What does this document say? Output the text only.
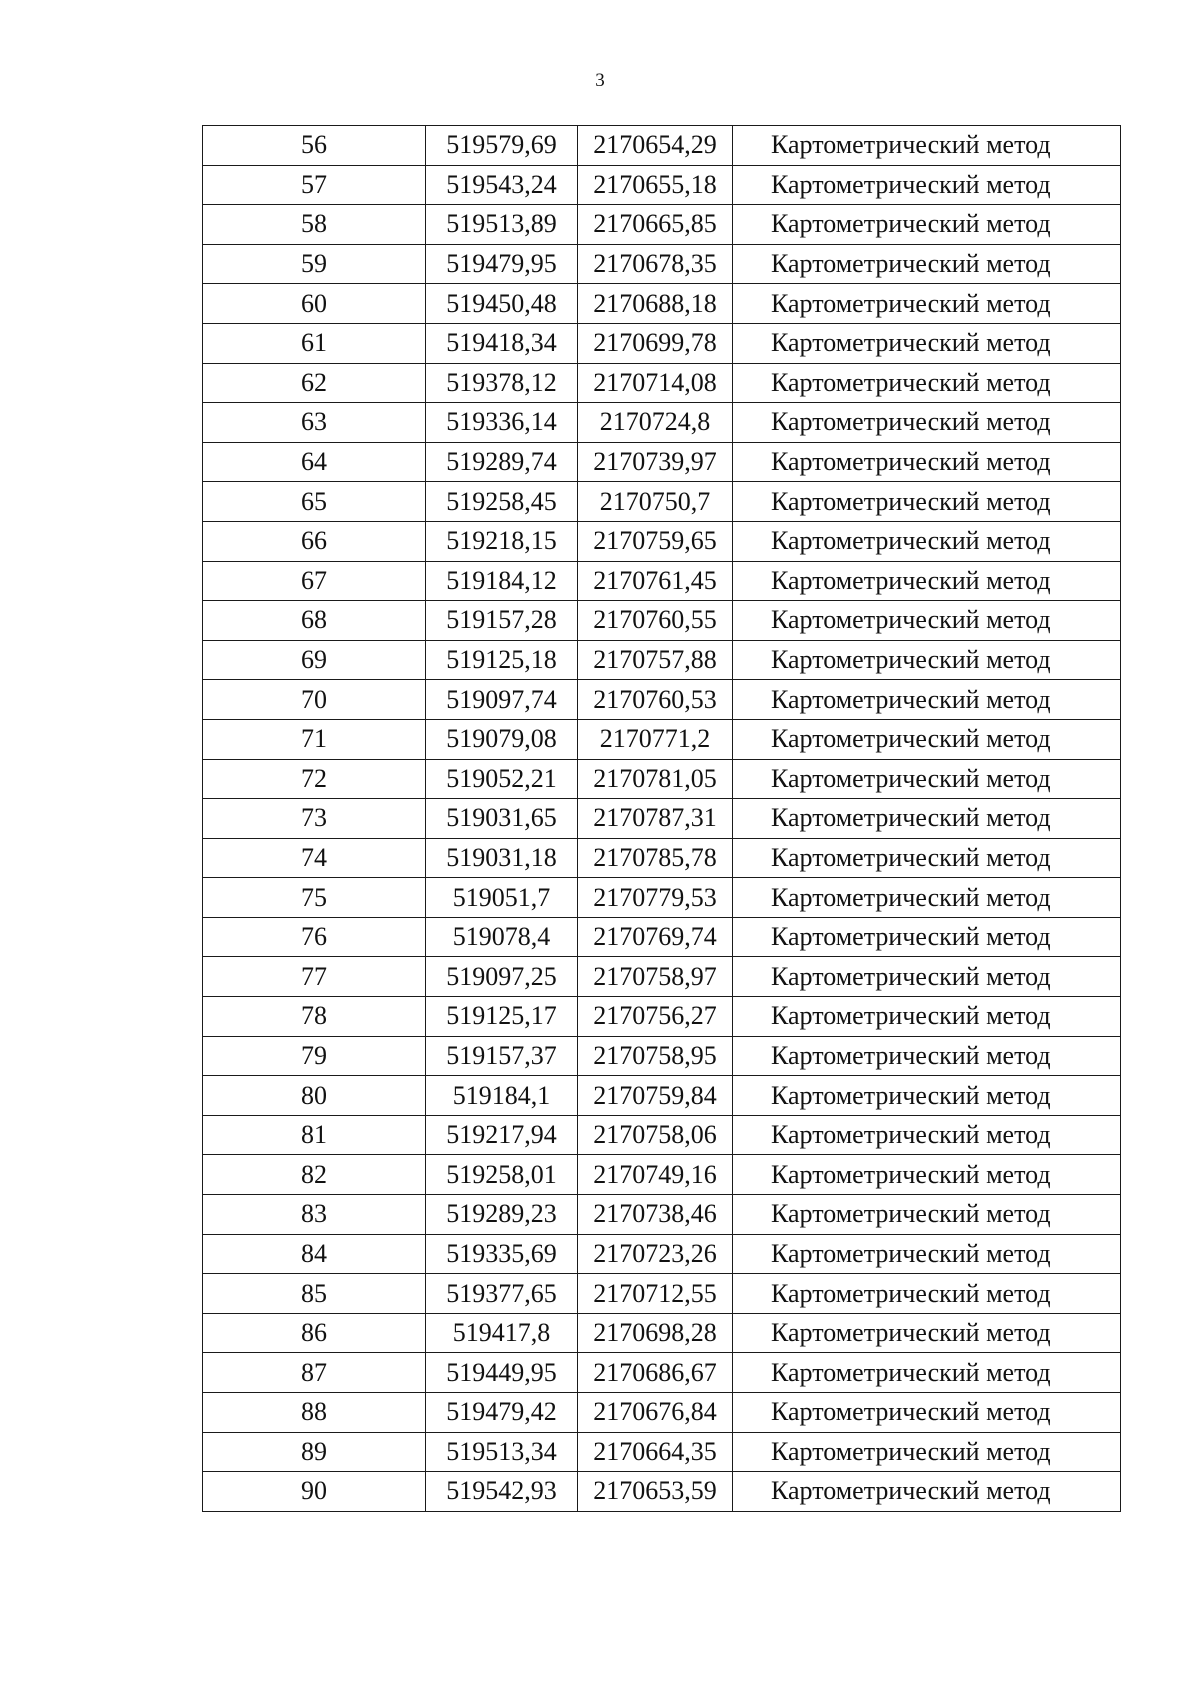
3
56	519579,69	2170654,29	Картометрический метод
57	519543,24	2170655,18	Картометрический метод
58	519513,89	2170665,85	Картометрический метод
59	519479,95	2170678,35	Картометрический метод
60	519450,48	2170688,18	Картометрический метод
61	519418,34	2170699,78	Картометрический метод
62	519378,12	2170714,08	Картометрический метод
63	519336,14	2170724,8	Картометрический метод
64	519289,74	2170739,97	Картометрический метод
65	519258,45	2170750,7	Картометрический метод
66	519218,15	2170759,65	Картометрический метод
67	519184,12	2170761,45	Картометрический метод
68	519157,28	2170760,55	Картометрический метод
69	519125,18	2170757,88	Картометрический метод
70	519097,74	2170760,53	Картометрический метод
71	519079,08	2170771,2	Картометрический метод
72	519052,21	2170781,05	Картометрический метод
73	519031,65	2170787,31	Картометрический метод
74	519031,18	2170785,78	Картометрический метод
75	519051,7	2170779,53	Картометрический метод
76	519078,4	2170769,74	Картометрический метод
77	519097,25	2170758,97	Картометрический метод
78	519125,17	2170756,27	Картометрический метод
79	519157,37	2170758,95	Картометрический метод
80	519184,1	2170759,84	Картометрический метод
81	519217,94	2170758,06	Картометрический метод
82	519258,01	2170749,16	Картометрический метод
83	519289,23	2170738,46	Картометрический метод
84	519335,69	2170723,26	Картометрический метод
85	519377,65	2170712,55	Картометрический метод
86	519417,8	2170698,28	Картометрический метод
87	519449,95	2170686,67	Картометрический метод
88	519479,42	2170676,84	Картометрический метод
89	519513,34	2170664,35	Картометрический метод
90	519542,93	2170653,59	Картометрический метод
